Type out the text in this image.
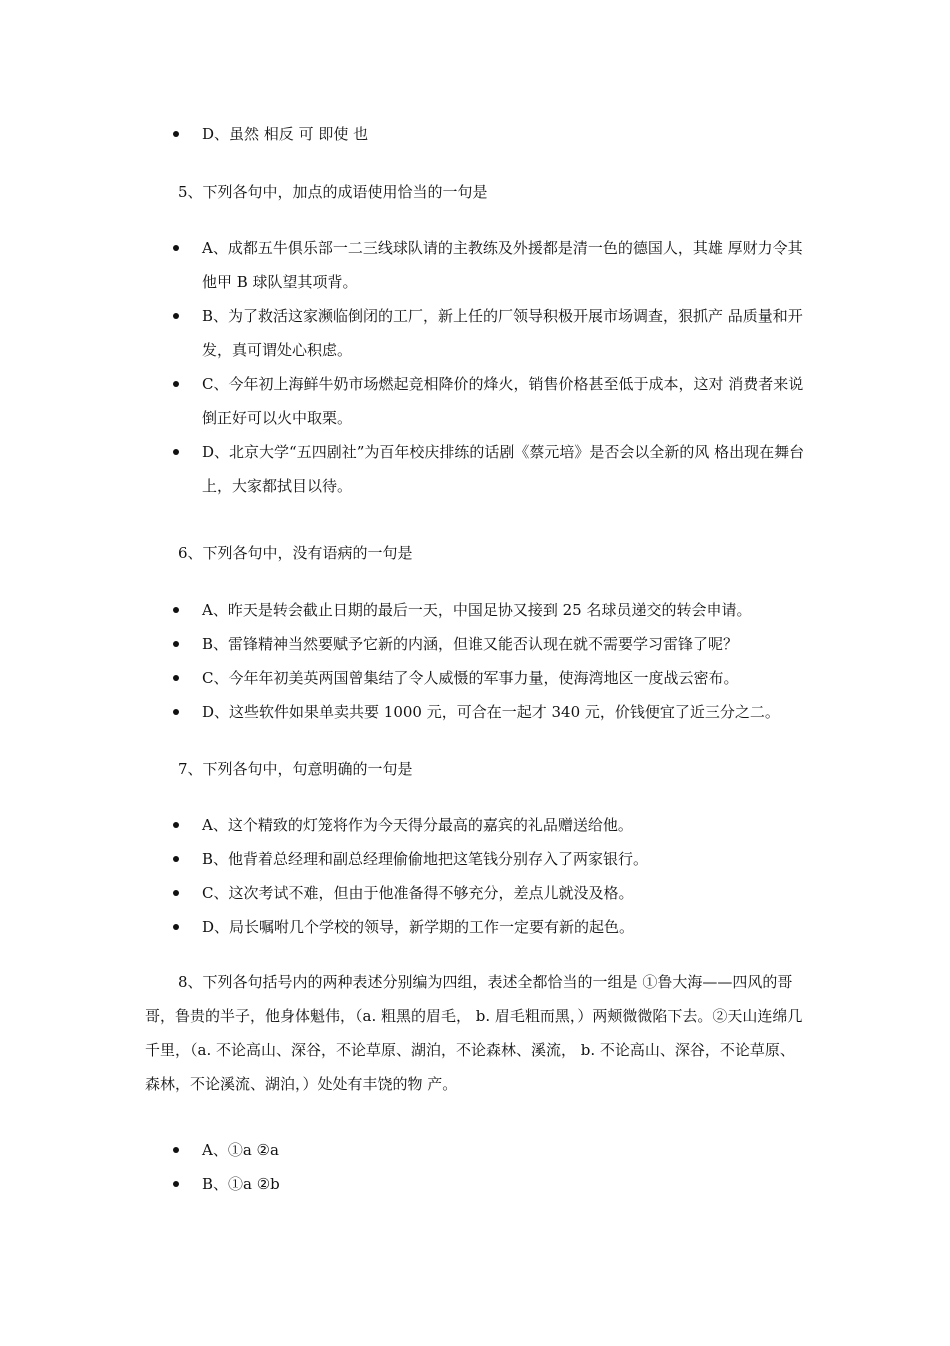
D、虽然 相反 可 即使 也
5、下列各句中，加点的成语使用恰当的一句是
A、成都五牛俱乐部一二三线球队请的主教练及外援都是清一色的德国人，其雄 厚财力令其他甲 B 球队望其项背。
B、为了救活这家濒临倒闭的工厂，新上任的厂领导积极开展市场调查，狠抓产 品质量和开发，真可谓处心积虑。
C、今年初上海鲜牛奶市场燃起竞相降价的烽火，销售价格甚至低于成本，这对 消费者来说倒正好可以火中取栗。
D、北京大学“五四剧社”为百年校庆排练的话剧《蔡元培》是否会以全新的风 格出现在舞台上，大家都拭目以待。
6、下列各句中，没有语病的一句是
A、昨天是转会截止日期的最后一天，中国足协又接到 25 名球员递交的转会申请。
B、雷锋精神当然要赋予它新的内涵，但谁又能否认现在就不需要学习雷锋了呢？
C、今年年初美英两国曾集结了令人威慑的军事力量，使海湾地区一度战云密布。
D、这些软件如果单卖共要 1000 元，可合在一起才 340 元，价钱便宜了近三分之二。
7、下列各句中，句意明确的一句是
A、这个精致的灯笼将作为今天得分最高的嘉宾的礼品赠送给他。
B、他背着总经理和副总经理偷偷地把这笔钱分别存入了两家银行。
C、这次考试不难，但由于他准备得不够充分，差点儿就没及格。
D、局长嘱咐几个学校的领导，新学期的工作一定要有新的起色。
8、下列各句括号内的两种表述分别编为四组，表述全都恰当的一组是 ①鲁大海——四风的哥哥，鲁贵的半子，他身体魁伟，（a. 粗黑的眉毛， b. 眉毛粗而黑，）两颊微微陷下去。②天山连绵几千里，（a. 不论高山、深谷，不论草原、湖泊，不论森林、溪流， b. 不论高山、深谷，不论草原、森林，不论溪流、湖泊，）处处有丰饶的物 产。
A、①a ②a
B、①a ②b
